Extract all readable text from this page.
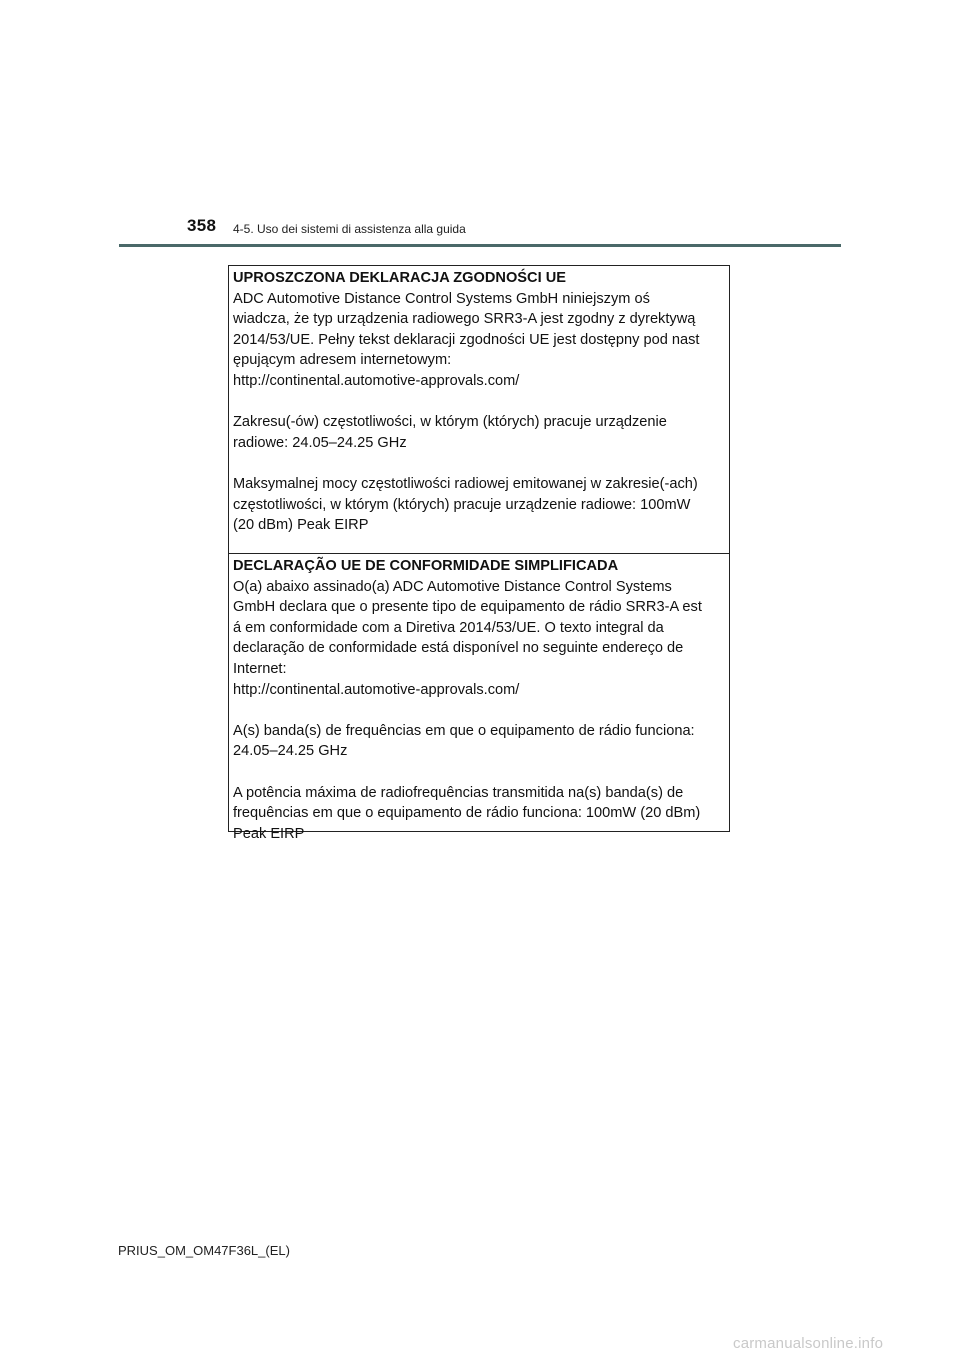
358 4-5. Uso dei sistemi di assistenza alla guida

UPROSZCZONA DEKLARACJA ZGODNOŚCI UE

ADC Automotive Distance Control Systems GmbH niniejszym oś

wiadcza, że typ urządzenia radiowego SRR3-A jest zgodny z dyrektywą

2014/53/UE. Pełny tekst deklaracji zgodności UE jest dostępny pod nast

ępującym adresem internetowym:

http://continental.automotive-approvals.com/

Zakresu(-ów) częstotliwości, w którym (których) pracuje urządzenie

radiowe: 24.05–24.25 GHz

Maksymalnej mocy częstotliwości radiowej emitowanej w zakresie(-ach)

częstotliwości, w którym (których) pracuje urządzenie radiowe: 100mW

(20 dBm) Peak EIRP

DECLARAÇÃO UE DE CONFORMIDADE SIMPLIFICADA

O(a) abaixo assinado(a) ADC Automotive Distance Control Systems

GmbH declara que o presente tipo de equipamento de rádio SRR3-A est

á em conformidade com a Diretiva 2014/53/UE. O texto integral da

declaração de conformidade está disponível no seguinte endereço de

Internet:

http://continental.automotive-approvals.com/

A(s) banda(s) de frequências em que o equipamento de rádio funciona:

24.05–24.25 GHz

A potência máxima de radiofrequências transmitida na(s) banda(s) de

frequências em que o equipamento de rádio funciona: 100mW (20 dBm)

Peak EIRP

PRIUS_OM_OM47F36L_(EL)
carmanualsonline.info
